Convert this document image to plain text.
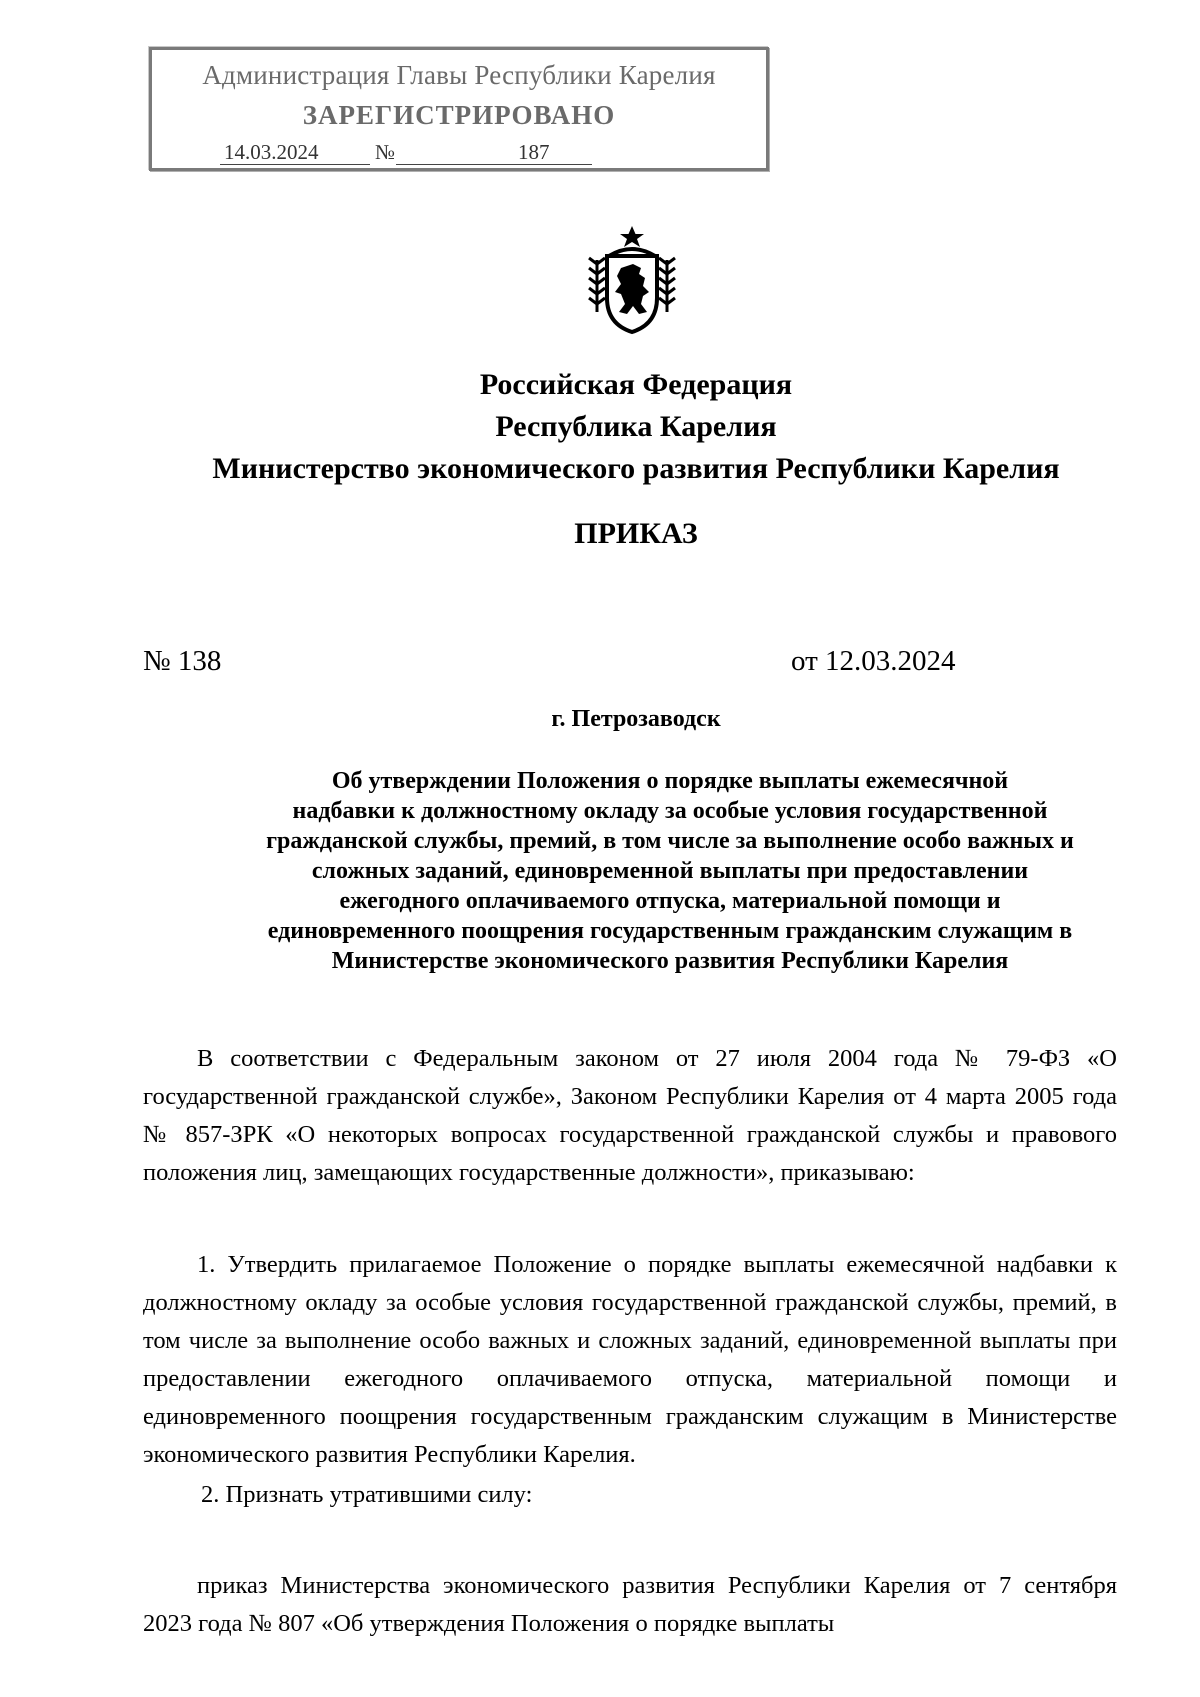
Администрация Главы Республики Карелия
ЗАРЕГИСТРИРОВАНО
14.03.2024	№	187
Российская Федерация
Республика Карелия
Министерство экономического развития Республики Карелия
ПРИКАЗ
№ 138	от 12.03.2024
г. Петрозаводск
Об утверждении Положения о порядке выплаты ежемесячной
надбавки к должностному окладу за особые условия государственной
гражданской службы, премий, в том числе за выполнение особо важных и
сложных заданий, единовременной выплаты при предоставлении
ежегодного оплачиваемого отпуска, материальной помощи и
единовременного поощрения государственным гражданским служащим в
Министерстве экономического развития Республики Карелия

В соответствии с Федеральным законом от 27 июля 2004 года № 79-ФЗ «О государственной гражданской службе», Законом Республики Карелия от 4 марта 2005 года № 857-ЗРК «О некоторых вопросах государственной гражданской службы и правового положения лиц, замещающих государственные должности», приказываю:

1. Утвердить прилагаемое Положение о порядке выплаты ежемесячной надбавки к должностному окладу за особые условия государственной гражданской службы, премий, в том числе за выполнение особо важных и сложных заданий, единовременной выплаты при предоставлении ежегодного оплачиваемого отпуска, материальной помощи и единовременного поощрения государственным гражданским служащим в Министерстве экономического развития Республики Карелия.

2. Признать утратившими силу:

приказ Министерства экономического развития Республики Карелия от 7 сентября 2023 года № 807 «Об утверждения Положения о порядке выплаты
